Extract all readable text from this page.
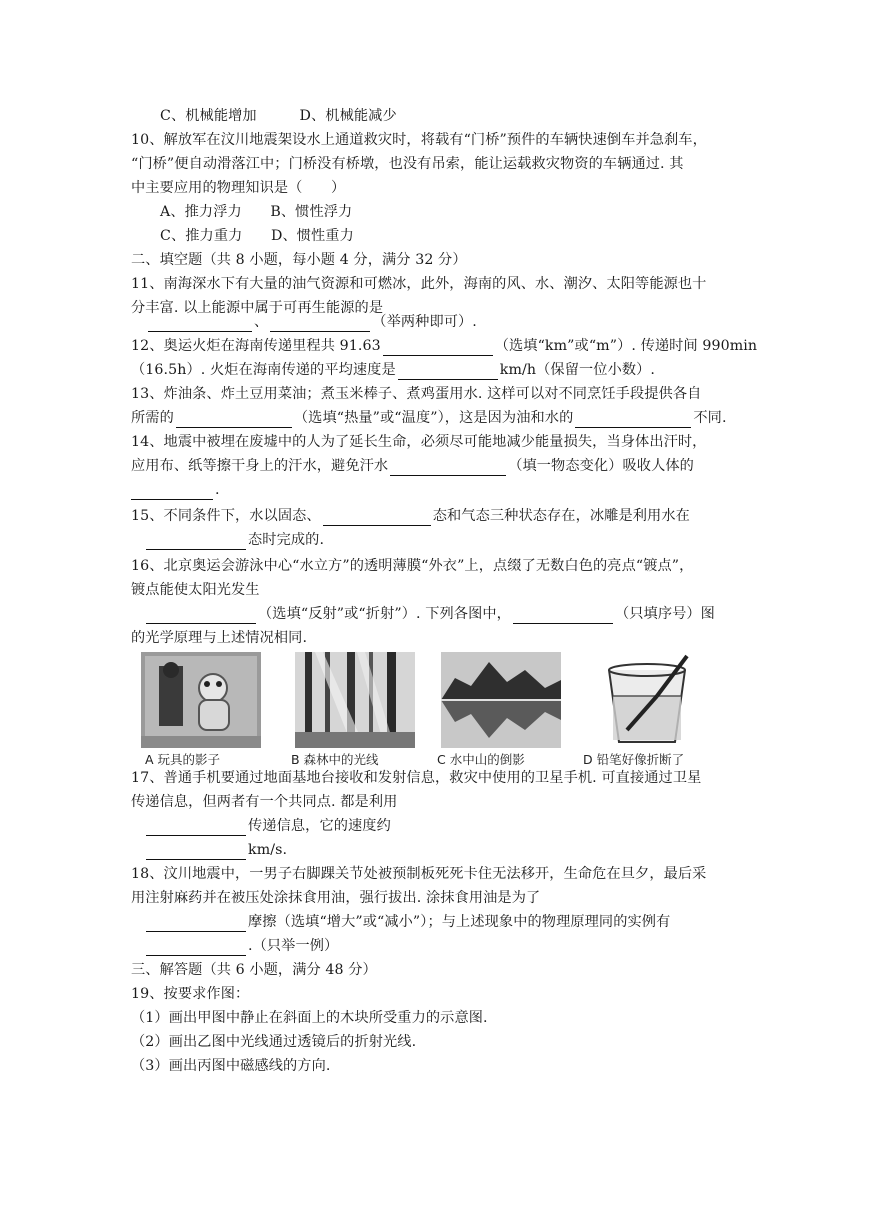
C、机械能增加　　　D、机械能减少
10、解放军在汶川地震架设水上通道救灾时，将载有“门桥”预件的车辆快速倒车并急刹车，
“门桥”便自动滑落江中；门桥没有桥墩，也没有吊索，能让运载救灾物资的车辆通过. 其
中主要应用的物理知识是（　　）
A、推力浮力　　B、惯性浮力
C、推力重力　　D、惯性重力
二、填空题（共 8 小题，每小题 4 分，满分 32 分）
11、南海深水下有大量的油气资源和可燃冰，此外，海南的风、水、潮汐、太阳等能源也十
分丰富. 以上能源中属于可再生能源的是
、	（举两种即可）.
12、奥运火炬在海南传递里程共 91.63	（选填“km”或“m”）. 传递时间 990min
（16.5h）. 火炬在海南传递的平均速度是	km/h（保留一位小数）.
13、炸油条、炸土豆用菜油；煮玉米棒子、煮鸡蛋用水. 这样可以对不同烹饪手段提供各自
所需的	（选填“热量”或“温度”），这是因为油和水的	不同.
14、地震中被埋在废墟中的人为了延长生命，必须尽可能地减少能量损失，当身体出汗时，
应用布、纸等擦干身上的汗水，避免汗水	（填一物态变化）吸收人体的
.
15、不同条件下，水以固态、	态和气态三种状态存在，冰雕是利用水在
态时完成的.
16、北京奥运会游泳中心“水立方”的透明薄膜“外衣”上，点缀了无数白色的亮点“镀点”，
镀点能使太阳光发生
（选填“反射”或“折射”）. 下列各图中，	（只填序号）图
的光学原理与上述情况相同.
A 玩具的影子	B 森林中的光线	C 水中山的倒影	D 铅笔好像折断了
17、普通手机要通过地面基地台接收和发射信息，救灾中使用的卫星手机. 可直接通过卫星
传递信息，但两者有一个共同点. 都是利用
传递信息，它的速度约
km/s.
18、汶川地震中，一男子右脚踝关节处被预制板死死卡住无法移开，生命危在旦夕，最后采
用注射麻药并在被压处涂抹食用油，强行拔出. 涂抹食用油是为了
摩擦（选填“增大”或“减小”）；与上述现象中的物理原理同的实例有
.（只举一例）
三、解答题（共 6 小题，满分 48 分）
19、按要求作图：
（1）画出甲图中静止在斜面上的木块所受重力的示意图.
（2）画出乙图中光线通过透镜后的折射光线.
（3）画出丙图中磁感线的方向.
